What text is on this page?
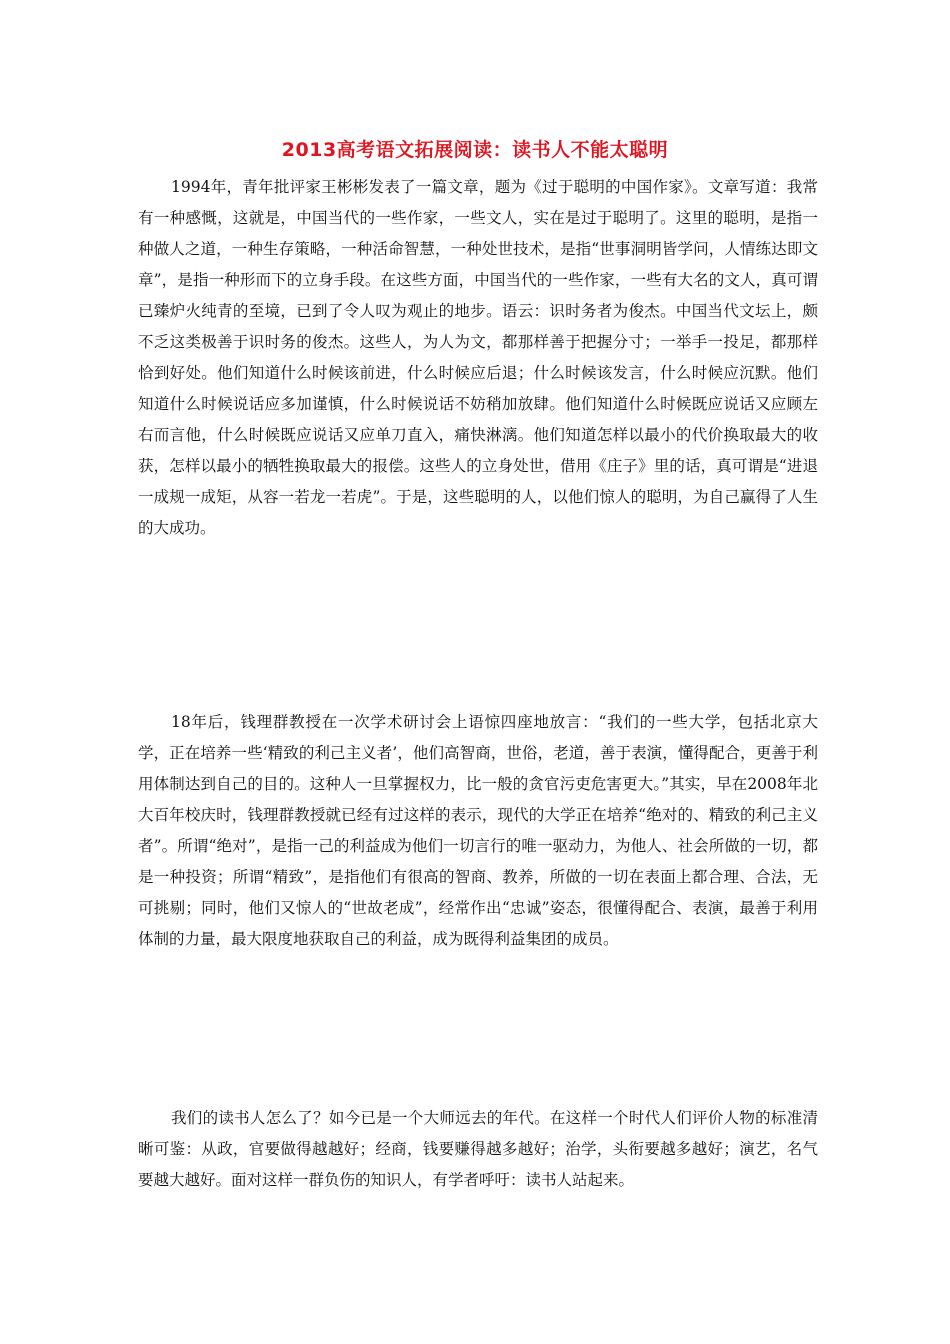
2013高考语文拓展阅读：读书人不能太聪明

1994年，青年批评家王彬彬发表了一篇文章，题为《过于聪明的中国作家》。文章写道：我常有一种感慨，这就是，中国当代的一些作家，一些文人，实在是过于聪明了。这里的聪明，是指一种做人之道，一种生存策略，一种活命智慧，一种处世技术，是指“世事洞明皆学问，人情练达即文章”，是指一种形而下的立身手段。在这些方面，中国当代的一些作家，一些有大名的文人，真可谓已臻炉火纯青的至境，已到了令人叹为观止的地步。语云：识时务者为俊杰。中国当代文坛上，颇不乏这类极善于识时务的俊杰。这些人，为人为文，都那样善于把握分寸；一举手一投足，都那样恰到好处。他们知道什么时候该前进，什么时候应后退；什么时候该发言，什么时候应沉默。他们知道什么时候说话应多加谨慎，什么时候说话不妨稍加放肆。他们知道什么时候既应说话又应顾左右而言他，什么时候既应说话又应单刀直入，痛快淋漓。他们知道怎样以最小的代价换取最大的收获，怎样以最小的牺牲换取最大的报偿。这些人的立身处世，借用《庄子》里的话，真可谓是“进退一成规一成矩，从容一若龙一若虎”。于是，这些聪明的人，以他们惊人的聪明，为自己赢得了人生的大成功。

18年后，钱理群教授在一次学术研讨会上语惊四座地放言：“我们的一些大学，包括北京大学，正在培养一些‘精致的利己主义者’，他们高智商，世俗，老道，善于表演，懂得配合，更善于利用体制达到自己的目的。这种人一旦掌握权力，比一般的贪官污吏危害更大。”其实，早在2008年北大百年校庆时，钱理群教授就已经有过这样的表示，现代的大学正在培养“绝对的、精致的利己主义者”。所谓“绝对”，是指一己的利益成为他们一切言行的唯一驱动力，为他人、社会所做的一切，都是一种投资；所谓“精致”，是指他们有很高的智商、教养，所做的一切在表面上都合理、合法，无可挑剔；同时，他们又惊人的“世故老成”，经常作出“忠诚”姿态，很懂得配合、表演，最善于利用体制的力量，最大限度地获取自己的利益，成为既得利益集团的成员。

我们的读书人怎么了？如今已是一个大师远去的年代。在这样一个时代人们评价人物的标准清晰可鉴：从政，官要做得越越好；经商，钱要赚得越多越好；治学，头衔要越多越好；演艺，名气要越大越好。面对这样一群负伤的知识人，有学者呼吁：读书人站起来。
